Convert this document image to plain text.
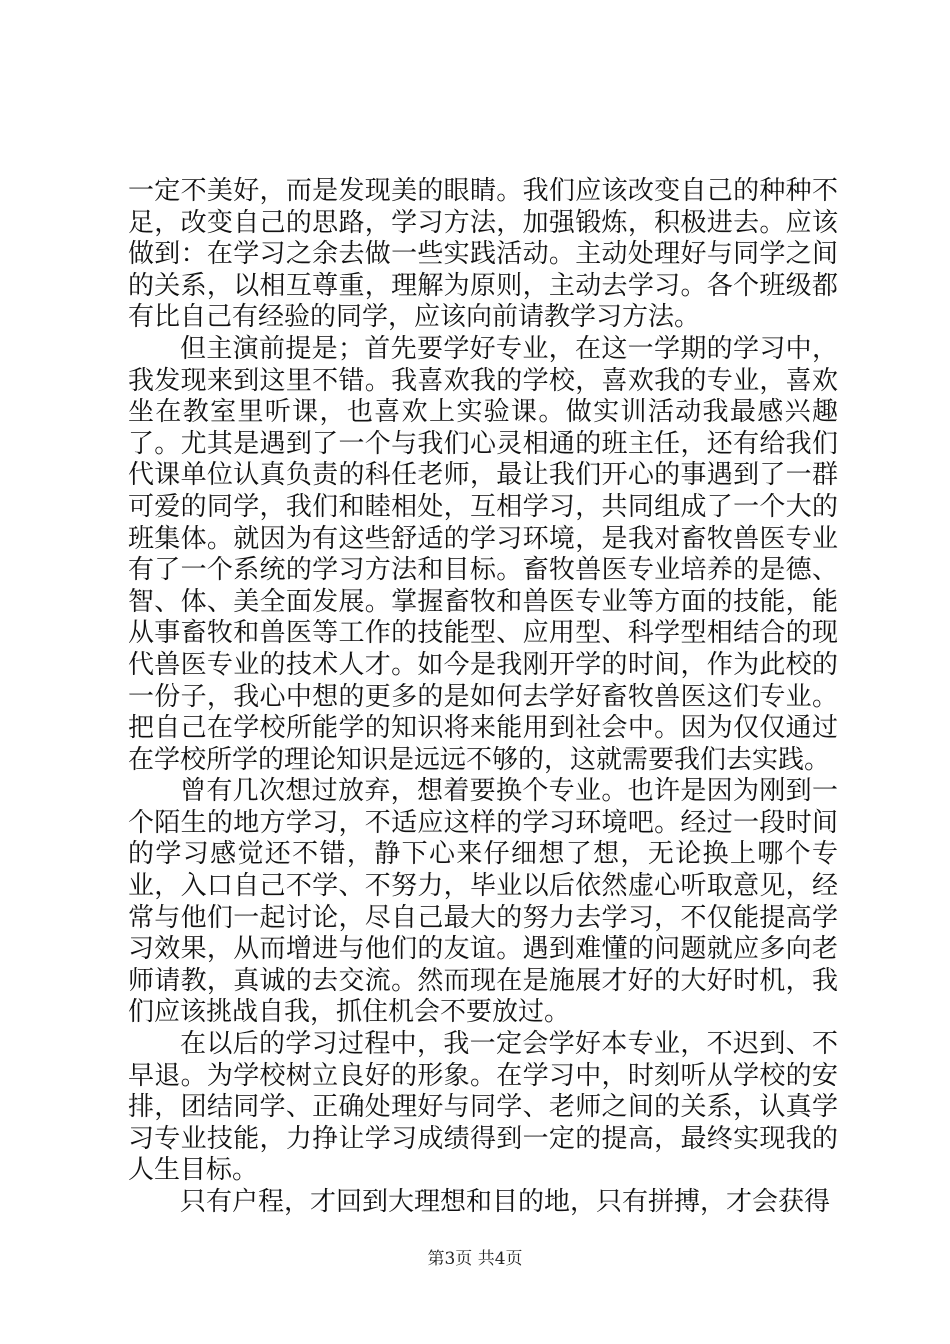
一定不美好，而是发现美的眼睛。我们应该改变自己的种种不足，改变自己的思路，学习方法，加强锻炼，积极进去。应该做到：在学习之余去做一些实践活动。主动处理好与同学之间的关系，以相互尊重，理解为原则，主动去学习。各个班级都有比自己有经验的同学，应该向前请教学习方法。

但主演前提是；首先要学好专业，在这一学期的学习中，我发现来到这里不错。我喜欢我的学校，喜欢我的专业，喜欢坐在教室里听课，也喜欢上实验课。做实训活动我最感兴趣了。尤其是遇到了一个与我们心灵相通的班主任，还有给我们代课单位认真负责的科任老师，最让我们开心的事遇到了一群可爱的同学，我们和睦相处，互相学习，共同组成了一个大的班集体。就因为有这些舒适的学习环境，是我对畜牧兽医专业有了一个系统的学习方法和目标。畜牧兽医专业培养的是德、智、体、美全面发展。掌握畜牧和兽医专业等方面的技能，能从事畜牧和兽医等工作的技能型、应用型、科学型相结合的现代兽医专业的技术人才。如今是我刚开学的时间，作为此校的一份子，我心中想的更多的是如何去学好畜牧兽医这们专业。把自己在学校所能学的知识将来能用到社会中。因为仅仅通过在学校所学的理论知识是远远不够的，这就需要我们去实践。

曾有几次想过放弃，想着要换个专业。也许是因为刚到一个陌生的地方学习，不适应这样的学习环境吧。经过一段时间的学习感觉还不错，静下心来仔细想了想，无论换上哪个专业，入口自己不学、不努力，毕业以后依然虚心听取意见，经常与他们一起讨论，尽自己最大的努力去学习，不仅能提高学习效果，从而增进与他们的友谊。遇到难懂的问题就应多向老师请教，真诚的去交流。然而现在是施展才好的大好时机，我们应该挑战自我，抓住机会不要放过。

在以后的学习过程中，我一定会学好本专业，不迟到、不早退。为学校树立良好的形象。在学习中，时刻听从学校的安排，团结同学、正确处理好与同学、老师之间的关系，认真学习专业技能，力挣让学习成绩得到一定的提高，最终实现我的人生目标。

只有户程，才回到大理想和目的地，只有拼搏，才会获得

第3页 共4页
